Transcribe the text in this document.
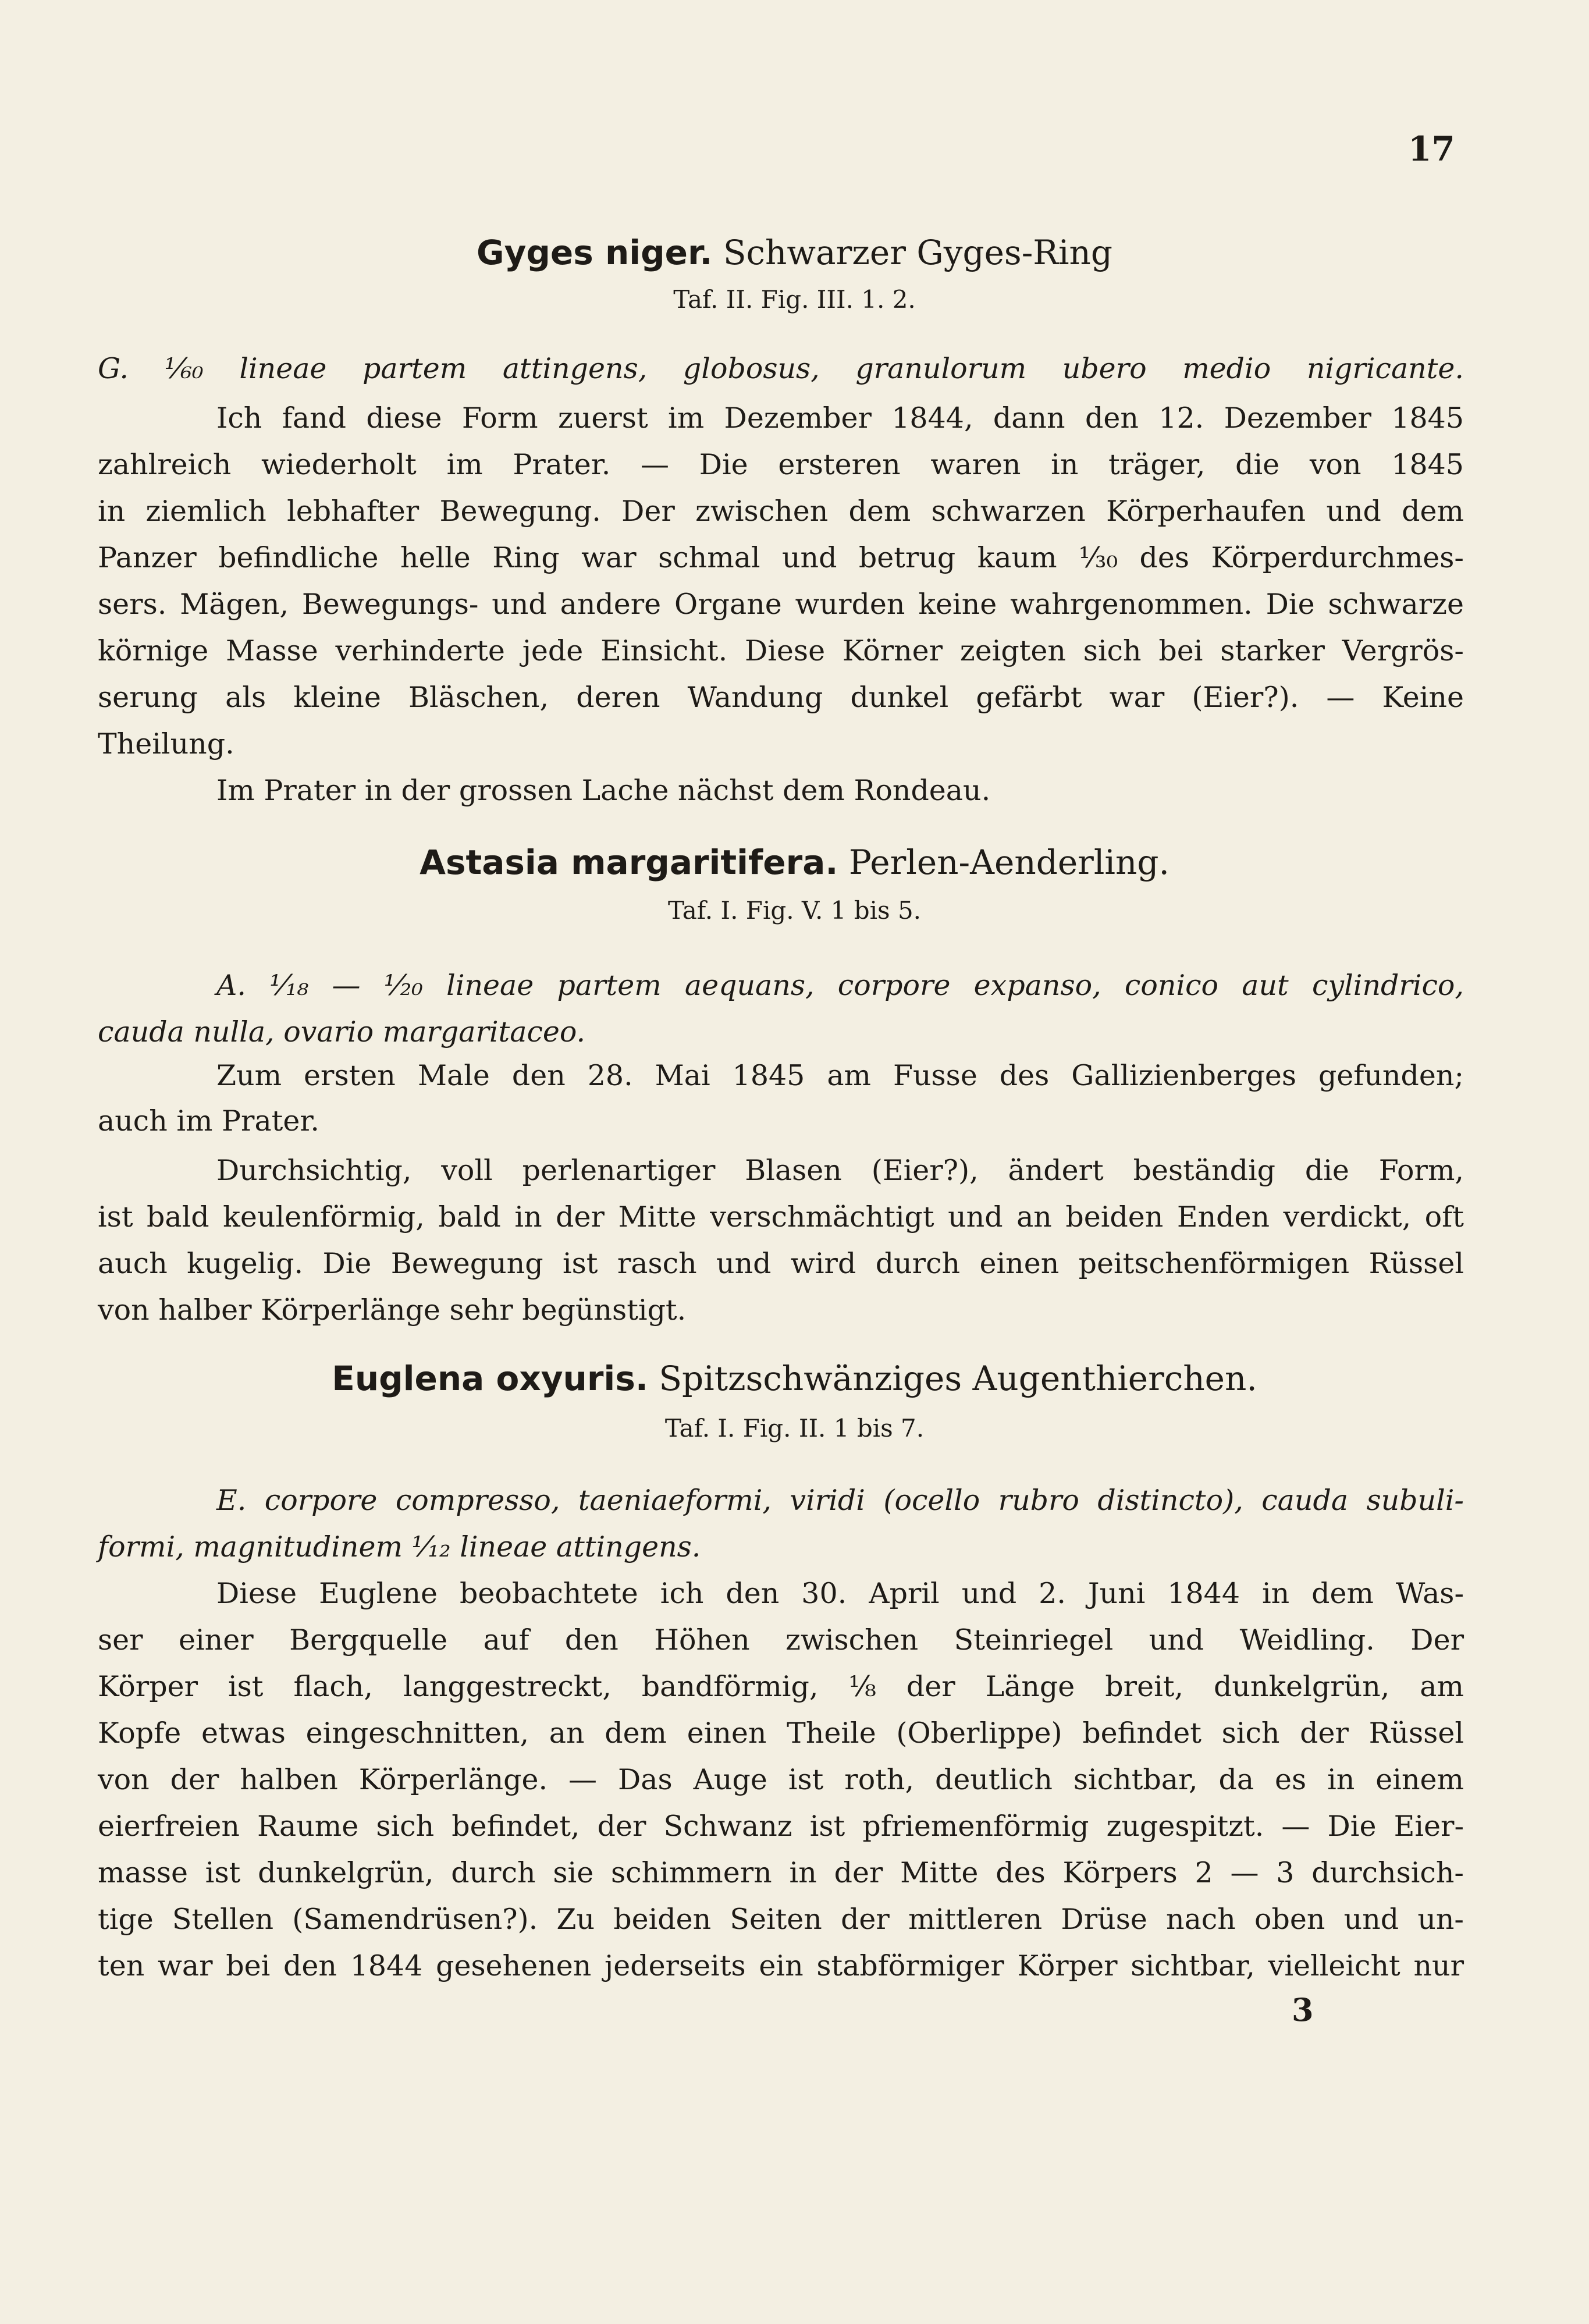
17
Gyges niger. Schwarzer Gyges-Ring
Taf. II. Fig. III. 1. 2.
G. ¹⁄₆₀ lineae partem attingens, globosus, granulorum ubero medio nigricante.
Ich fand diese Form zuerst im Dezember 1844, dann den 12. Dezember 1845
zahlreich wiederholt im Prater. — Die ersteren waren in träger, die von 1845
in ziemlich lebhafter Bewegung. Der zwischen dem schwarzen Körperhaufen und dem
Panzer befindliche helle Ring war schmal und betrug kaum ¹⁄₃₀ des Körperdurchmes-
sers. Mägen, Bewegungs- und andere Organe wurden keine wahrgenommen. Die schwarze
körnige Masse verhinderte jede Einsicht. Diese Körner zeigten sich bei starker Vergrös-
serung als kleine Bläschen, deren Wandung dunkel gefärbt war (Eier?). — Keine
Theilung.
Im Prater in der grossen Lache nächst dem Rondeau.
Astasia margaritifera. Perlen-Aenderling.
Taf. I. Fig. V. 1 bis 5.
A. ¹⁄₁₈ — ¹⁄₂₀ lineae partem aequans, corpore expanso, conico aut cylindrico,
cauda nulla, ovario margaritaceo.
Zum ersten Male den 28. Mai 1845 am Fusse des Gallizienberges gefunden;
auch im Prater.
Durchsichtig, voll perlenartiger Blasen (Eier?), ändert beständig die Form,
ist bald keulenförmig, bald in der Mitte verschmächtigt und an beiden Enden verdickt, oft
auch kugelig. Die Bewegung ist rasch und wird durch einen peitschenförmigen Rüssel
von halber Körperlänge sehr begünstigt.
Euglena oxyuris. Spitzschwänziges Augenthierchen.
Taf. I. Fig. II. 1 bis 7.
E. corpore compresso, taeniaeformi, viridi (ocello rubro distincto), cauda subuli-
formi, magnitudinem ¹⁄₁₂ lineae attingens.
Diese Euglene beobachtete ich den 30. April und 2. Juni 1844 in dem Was-
ser einer Bergquelle auf den Höhen zwischen Steinriegel und Weidling. Der
Körper ist flach, langgestreckt, bandförmig, ¹⁄₈ der Länge breit, dunkelgrün, am
Kopfe etwas eingeschnitten, an dem einen Theile (Oberlippe) befindet sich der Rüssel
von der halben Körperlänge. — Das Auge ist roth, deutlich sichtbar, da es in einem
eierfreien Raume sich befindet, der Schwanz ist pfriemenförmig zugespitzt. — Die Eier-
masse ist dunkelgrün, durch sie schimmern in der Mitte des Körpers 2 — 3 durchsich-
tige Stellen (Samendrüsen?). Zu beiden Seiten der mittleren Drüse nach oben und un-
ten war bei den 1844 gesehenen jederseits ein stabförmiger Körper sichtbar, vielleicht nur
3
